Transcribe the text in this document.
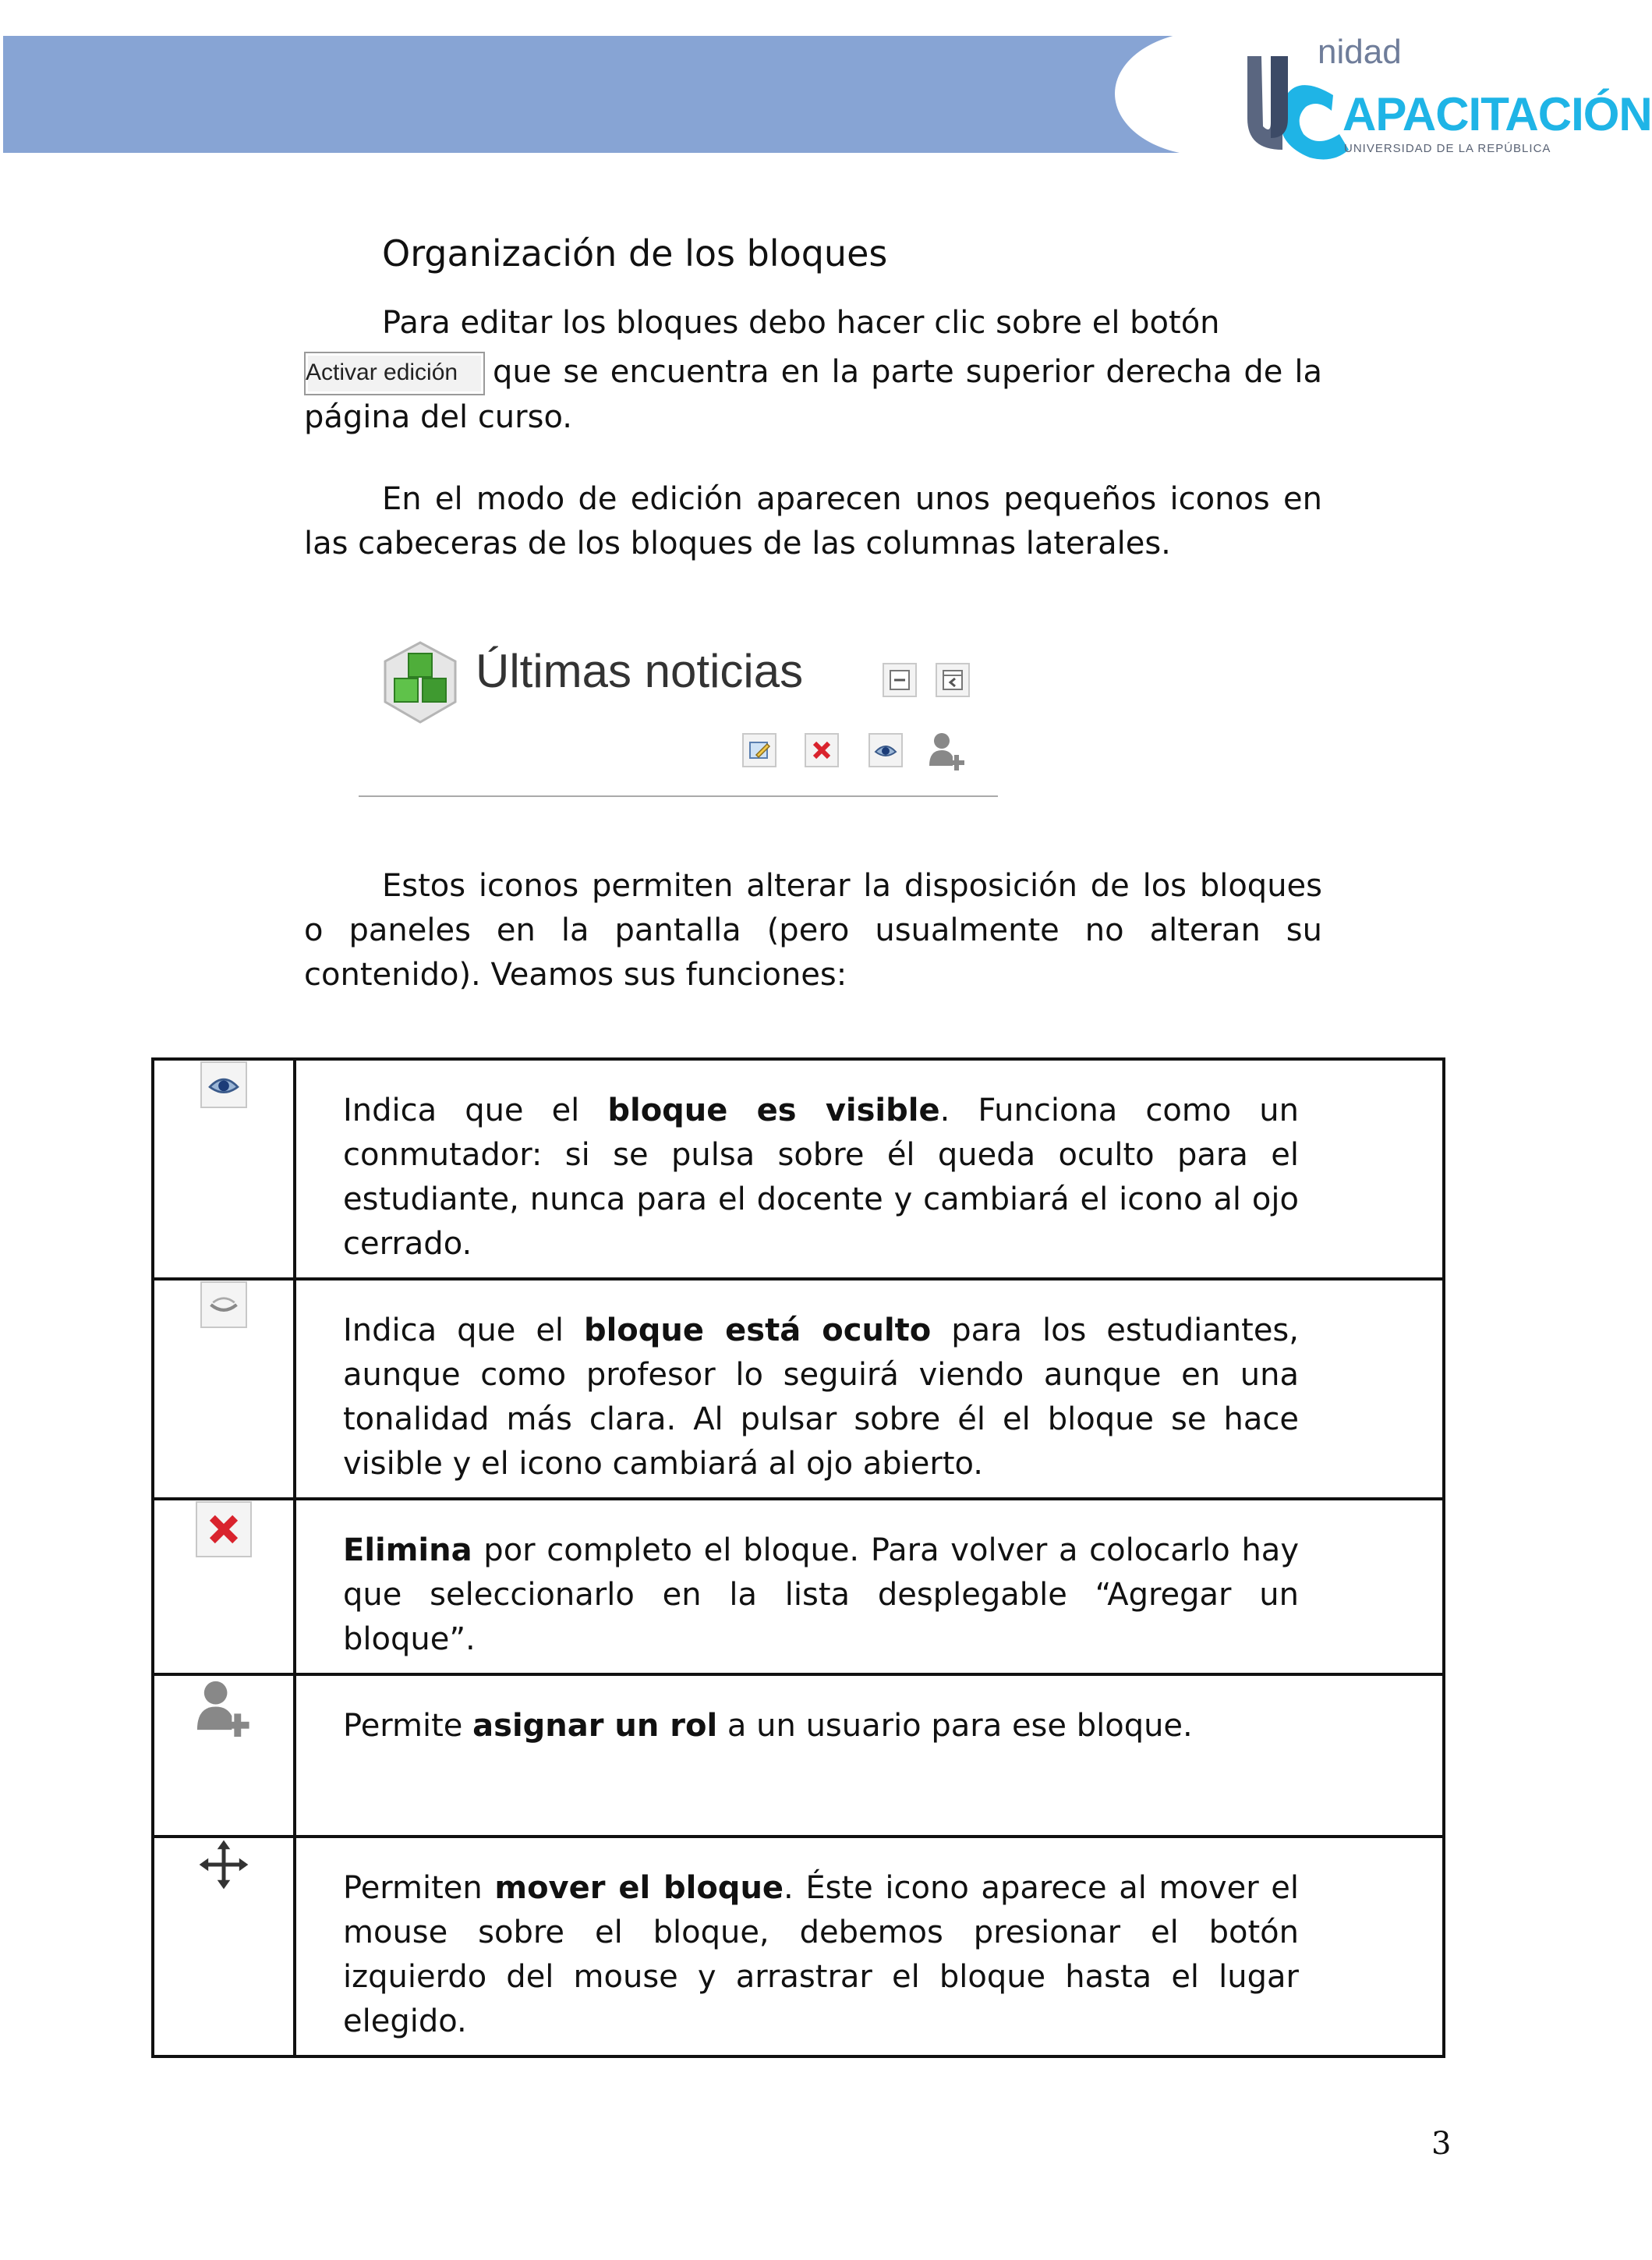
nidad
APACITACIÓN
UNIVERSIDAD DE LA REPÚBLICA
Organización de los bloques

Para editar los bloques debo hacer clic sobre el botón

Activar edición que se encuentra en la parte superior derecha de la página del curso.

En el modo de edición aparecen unos pequeños iconos en las cabeceras de los bloques de las columnas laterales.

Últimas noticias

Estos iconos permiten alterar la disposición de los bloques o paneles en la pantalla (pero usualmente no alteran su contenido). Veamos sus funciones:

	Indica que el bloque es visible. Funciona como un conmutador: si se pulsa sobre él queda oculto para el estudiante, nunca para el docente y cambiará el icono al ojo cerrado.

	Indica que el bloque está oculto para los estudiantes, aunque como profesor lo seguirá viendo aunque en una tonalidad más clara. Al pulsar sobre él el bloque se hace visible y el icono cambiará al ojo abierto.

	Elimina por completo el bloque. Para volver a colocarlo hay que seleccionarlo en la lista desplegable “Agregar un bloque”.
	Permite asignar un rol a un usuario para ese bloque.
	Permiten mover el bloque. Éste icono aparece al mover el mouse sobre el bloque, debemos presionar el botón izquierdo del mouse y arrastrar el bloque hasta el lugar elegido.
3
